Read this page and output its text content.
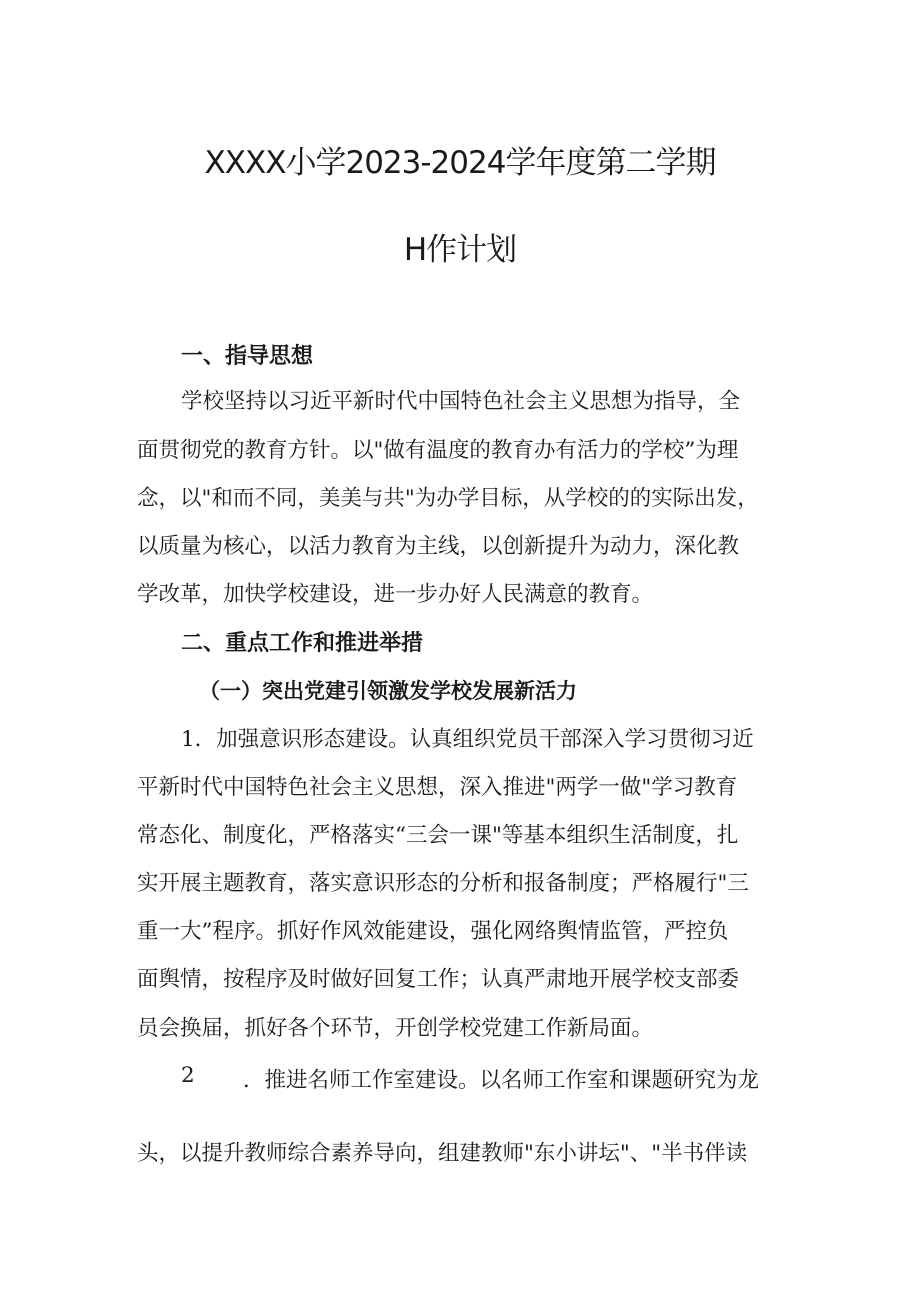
XXXX小学2023-2024学年度第二学期
H作计划
一、指导思想
学校坚持以习近平新时代中国特色社会主义思想为指导，全
面贯彻党的教育方针。以"做有温度的教育办有活力的学校”为理
念，以"和而不同，美美与共"为办学目标，从学校的的实际出发，
以质量为核心，以活力教育为主线，以创新提升为动力，深化教
学改革，加快学校建设，进一步办好人民满意的教育。
二、重点工作和推进举措
（一）突出党建引领激发学校发展新活力
1．加强意识形态建设。认真组织党员干部深入学习贯彻习近
平新时代中国特色社会主义思想，深入推进"两学一做"学习教育
常态化、制度化，严格落实“三会一课"等基本组织生活制度，扎
实开展主题教育，落实意识形态的分析和报备制度；严格履行"三
重一大”程序。抓好作风效能建设，强化网络舆情监管，严控负
面舆情，按程序及时做好回复工作；认真严肃地开展学校支部委
员会换届，抓好各个环节，开创学校党建工作新局面。
2 ．推进名师工作室建设。以名师工作室和课题研究为龙
头，以提升教师综合素养导向，组建教师"东小讲坛"、"半书伴读
